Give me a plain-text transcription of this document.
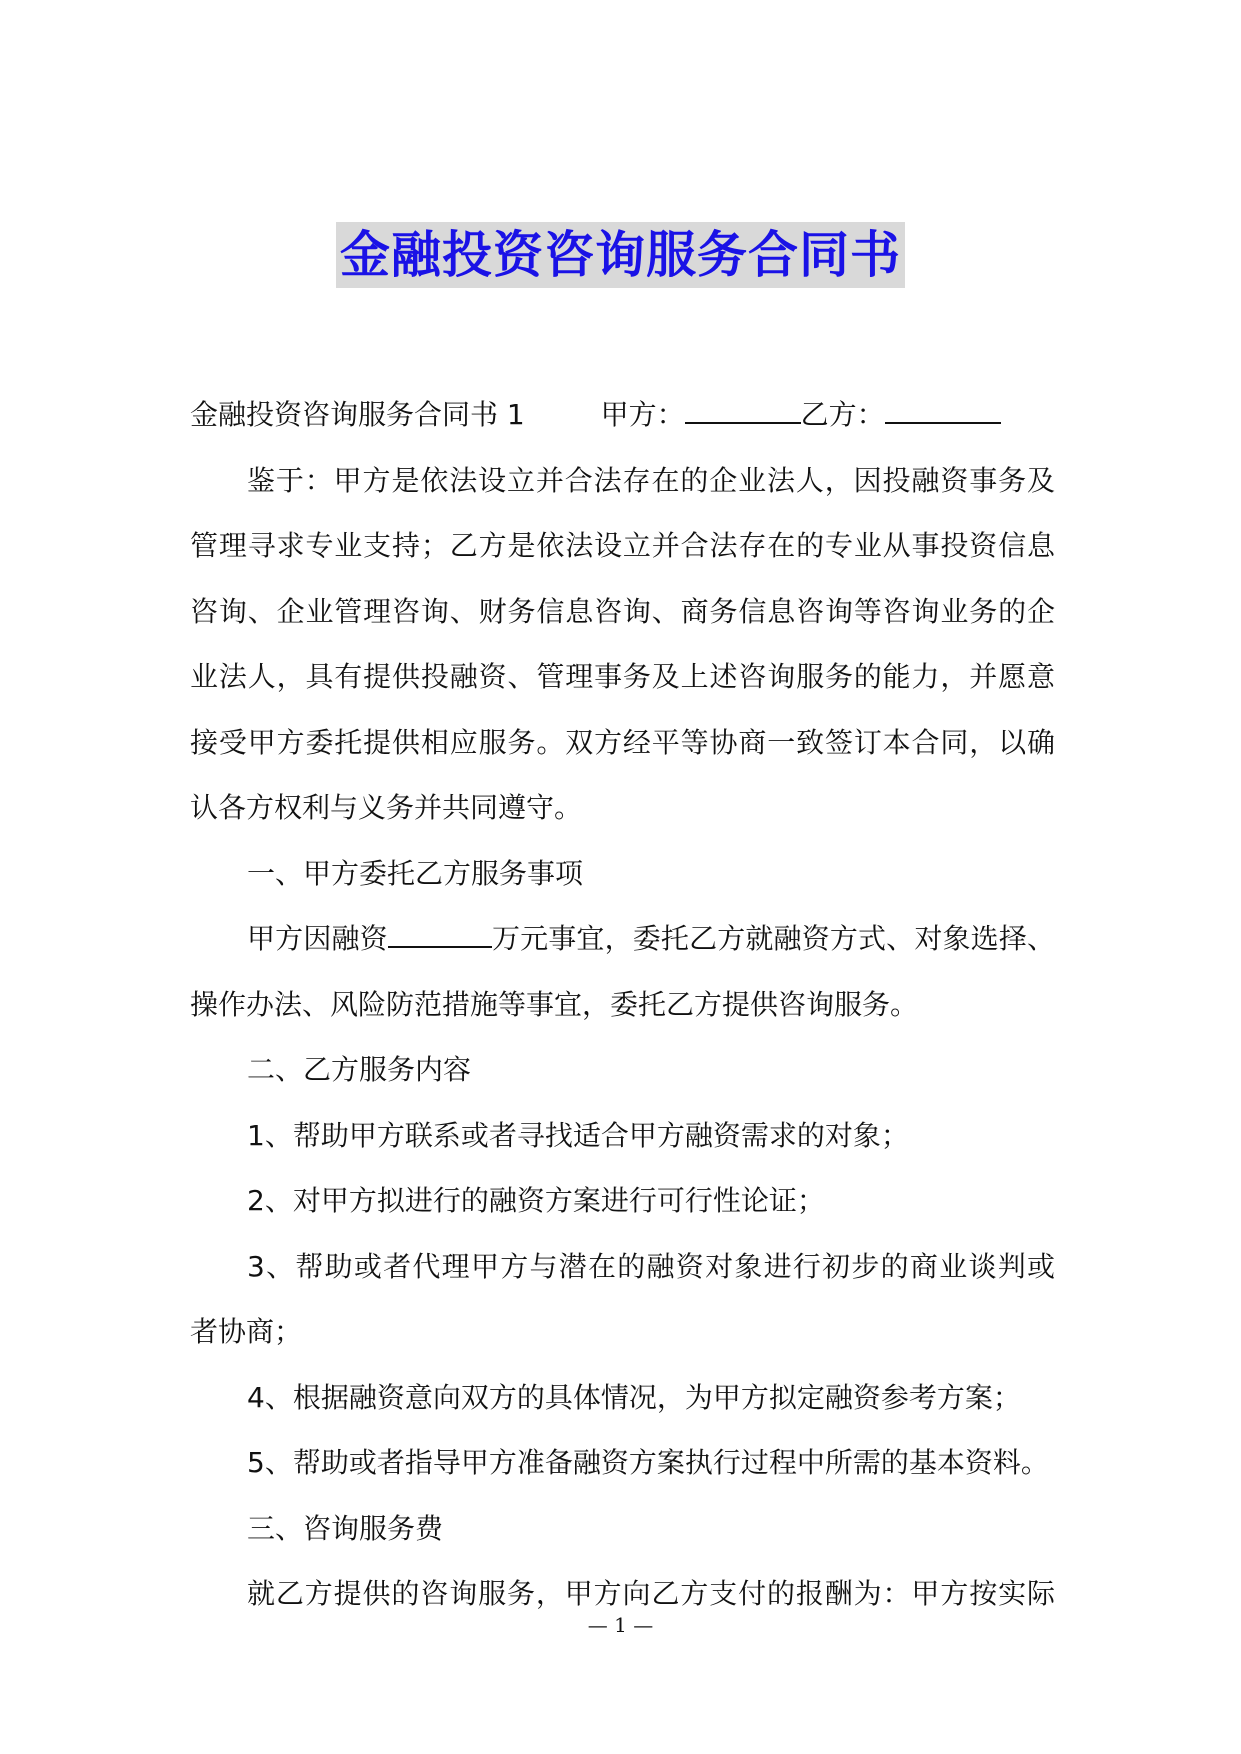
金融投资咨询服务合同书
金融投资咨询服务合同书 1	甲方：	乙方：
鉴于：甲方是依法设立并合法存在的企业法人，因投融资事务及
管理寻求专业支持；乙方是依法设立并合法存在的专业从事投资信息
咨询、企业管理咨询、财务信息咨询、商务信息咨询等咨询业务的企
业法人，具有提供投融资、管理事务及上述咨询服务的能力，并愿意
接受甲方委托提供相应服务。双方经平等协商一致签订本合同，以确
认各方权利与义务并共同遵守。
一、甲方委托乙方服务事项
甲方因融资	万元事宜，委托乙方就融资方式、对象选择、
操作办法、风险防范措施等事宜，委托乙方提供咨询服务。
二、乙方服务内容
1、帮助甲方联系或者寻找适合甲方融资需求的对象；
2、对甲方拟进行的融资方案进行可行性论证；
3、帮助或者代理甲方与潜在的融资对象进行初步的商业谈判或
者协商；
4、根据融资意向双方的具体情况，为甲方拟定融资参考方案；
5、帮助或者指导甲方准备融资方案执行过程中所需的基本资料。
三、咨询服务费
就乙方提供的咨询服务，甲方向乙方支付的报酬为：甲方按实际
— 1 —
